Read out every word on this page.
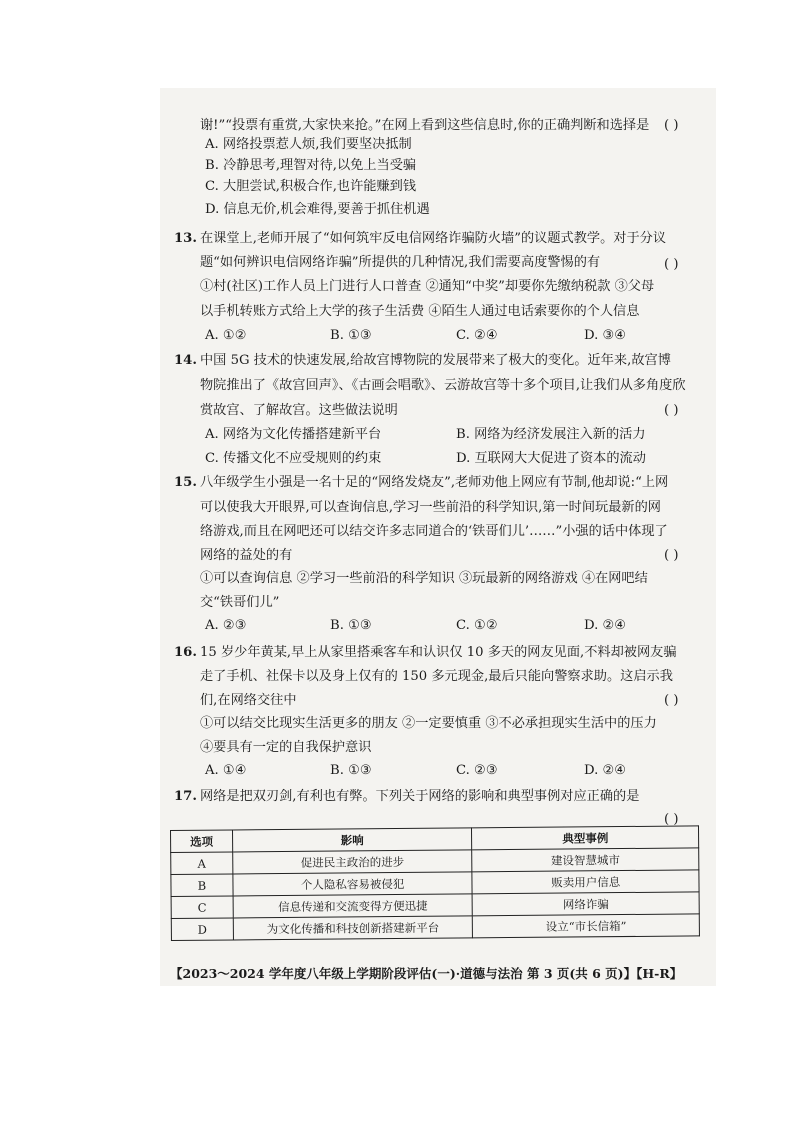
谢!”“投票有重赏,大家快来抢。”在网上看到这些信息时,你的正确判断和选择是 ( )
A. 网络投票惹人烦,我们要坚决抵制
B. 冷静思考,理智对待,以免上当受骗
C. 大胆尝试,积极合作,也许能赚到钱
D. 信息无价,机会难得,要善于抓住机遇
13. 在课堂上,老师开展了“如何筑牢反电信网络诈骗防火墙”的议题式教学。对于分议
题“如何辨识电信网络诈骗”所提供的几种情况,我们需要高度警惕的有	( )
①村(社区)工作人员上门进行人口普查 ②通知“中奖”却要你先缴纳税款 ③父母
以手机转账方式给上大学的孩子生活费 ④陌生人通过电话索要你的个人信息
A. ①②	B. ①③	C. ②④	D. ③④
14. 中国 5G 技术的快速发展,给故宫博物院的发展带来了极大的变化。近年来,故宫博
物院推出了《故宫回声》、《古画会唱歌》、云游故宫等十多个项目,让我们从多角度欣
赏故宫、了解故宫。这些做法说明	( )
A. 网络为文化传播搭建新平台	B. 网络为经济发展注入新的活力
C. 传播文化不应受规则的约束	D. 互联网大大促进了资本的流动
15. 八年级学生小强是一名十足的“网络发烧友”,老师劝他上网应有节制,他却说:“上网
可以使我大开眼界,可以查询信息,学习一些前沿的科学知识,第一时间玩最新的网
络游戏,而且在网吧还可以结交许多志同道合的‘铁哥们儿’……”小强的话中体现了
网络的益处的有	( )
①可以查询信息 ②学习一些前沿的科学知识 ③玩最新的网络游戏 ④在网吧结
交“铁哥们儿”
A. ②③	B. ①③	C. ①②	D. ②④
16. 15 岁少年黄某,早上从家里搭乘客车和认识仅 10 多天的网友见面,不料却被网友骗
走了手机、社保卡以及身上仅有的 150 多元现金,最后只能向警察求助。这启示我
们,在网络交往中	( )
①可以结交比现实生活更多的朋友 ②一定要慎重 ③不必承担现实生活中的压力
④要具有一定的自我保护意识
A. ①④	B. ①③	C. ②③	D. ②④
17. 网络是把双刃剑,有利也有弊。下列关于网络的影响和典型事例对应正确的是
( )
选项	影响	典型事例
A	促进民主政治的进步	建设智慧城市
B	个人隐私容易被侵犯	贩卖用户信息
C	信息传递和交流变得方便迅捷	网络诈骗
D	为文化传播和科技创新搭建新平台	设立“市长信箱”
【2023～2024 学年度八年级上学期阶段评估(一)·道德与法治 第 3 页(共 6 页)】【H-R】
